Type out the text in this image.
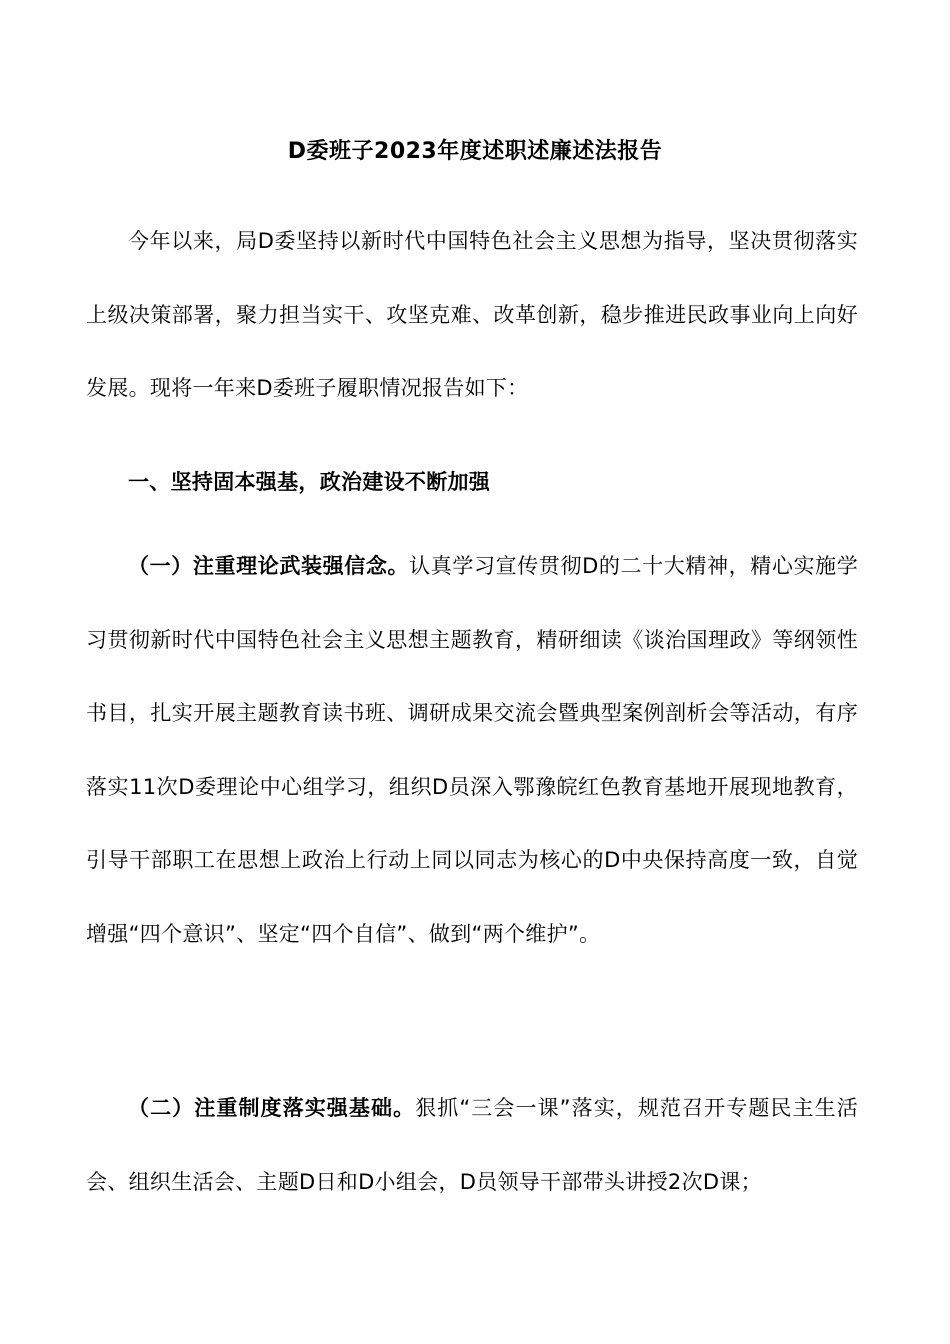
D委班子2023年度述职述廉述法报告
今年以来，局D委坚持以新时代中国特色社会主义思想为指导，坚决贯彻落实上级决策部署，聚力担当实干、攻坚克难、改革创新，稳步推进民政事业向上向好发展。现将一年来D委班子履职情况报告如下：
一、坚持固本强基，政治建设不断加强
（一）注重理论武装强信念。认真学习宣传贯彻D的二十大精神，精心实施学习贯彻新时代中国特色社会主义思想主题教育，精研细读《谈治国理政》等纲领性书目，扎实开展主题教育读书班、调研成果交流会暨典型案例剖析会等活动，有序落实11次D委理论中心组学习，组织D员深入鄂豫皖红色教育基地开展现地教育，引导干部职工在思想上政治上行动上同以同志为核心的D中央保持高度一致，自觉增强“四个意识”、坚定“四个自信”、做到“两个维护”。
（二）注重制度落实强基础。狠抓“三会一课”落实，规范召开专题民主生活会、组织生活会、主题D日和D小组会，D员领导干部带头讲授2次D课；
